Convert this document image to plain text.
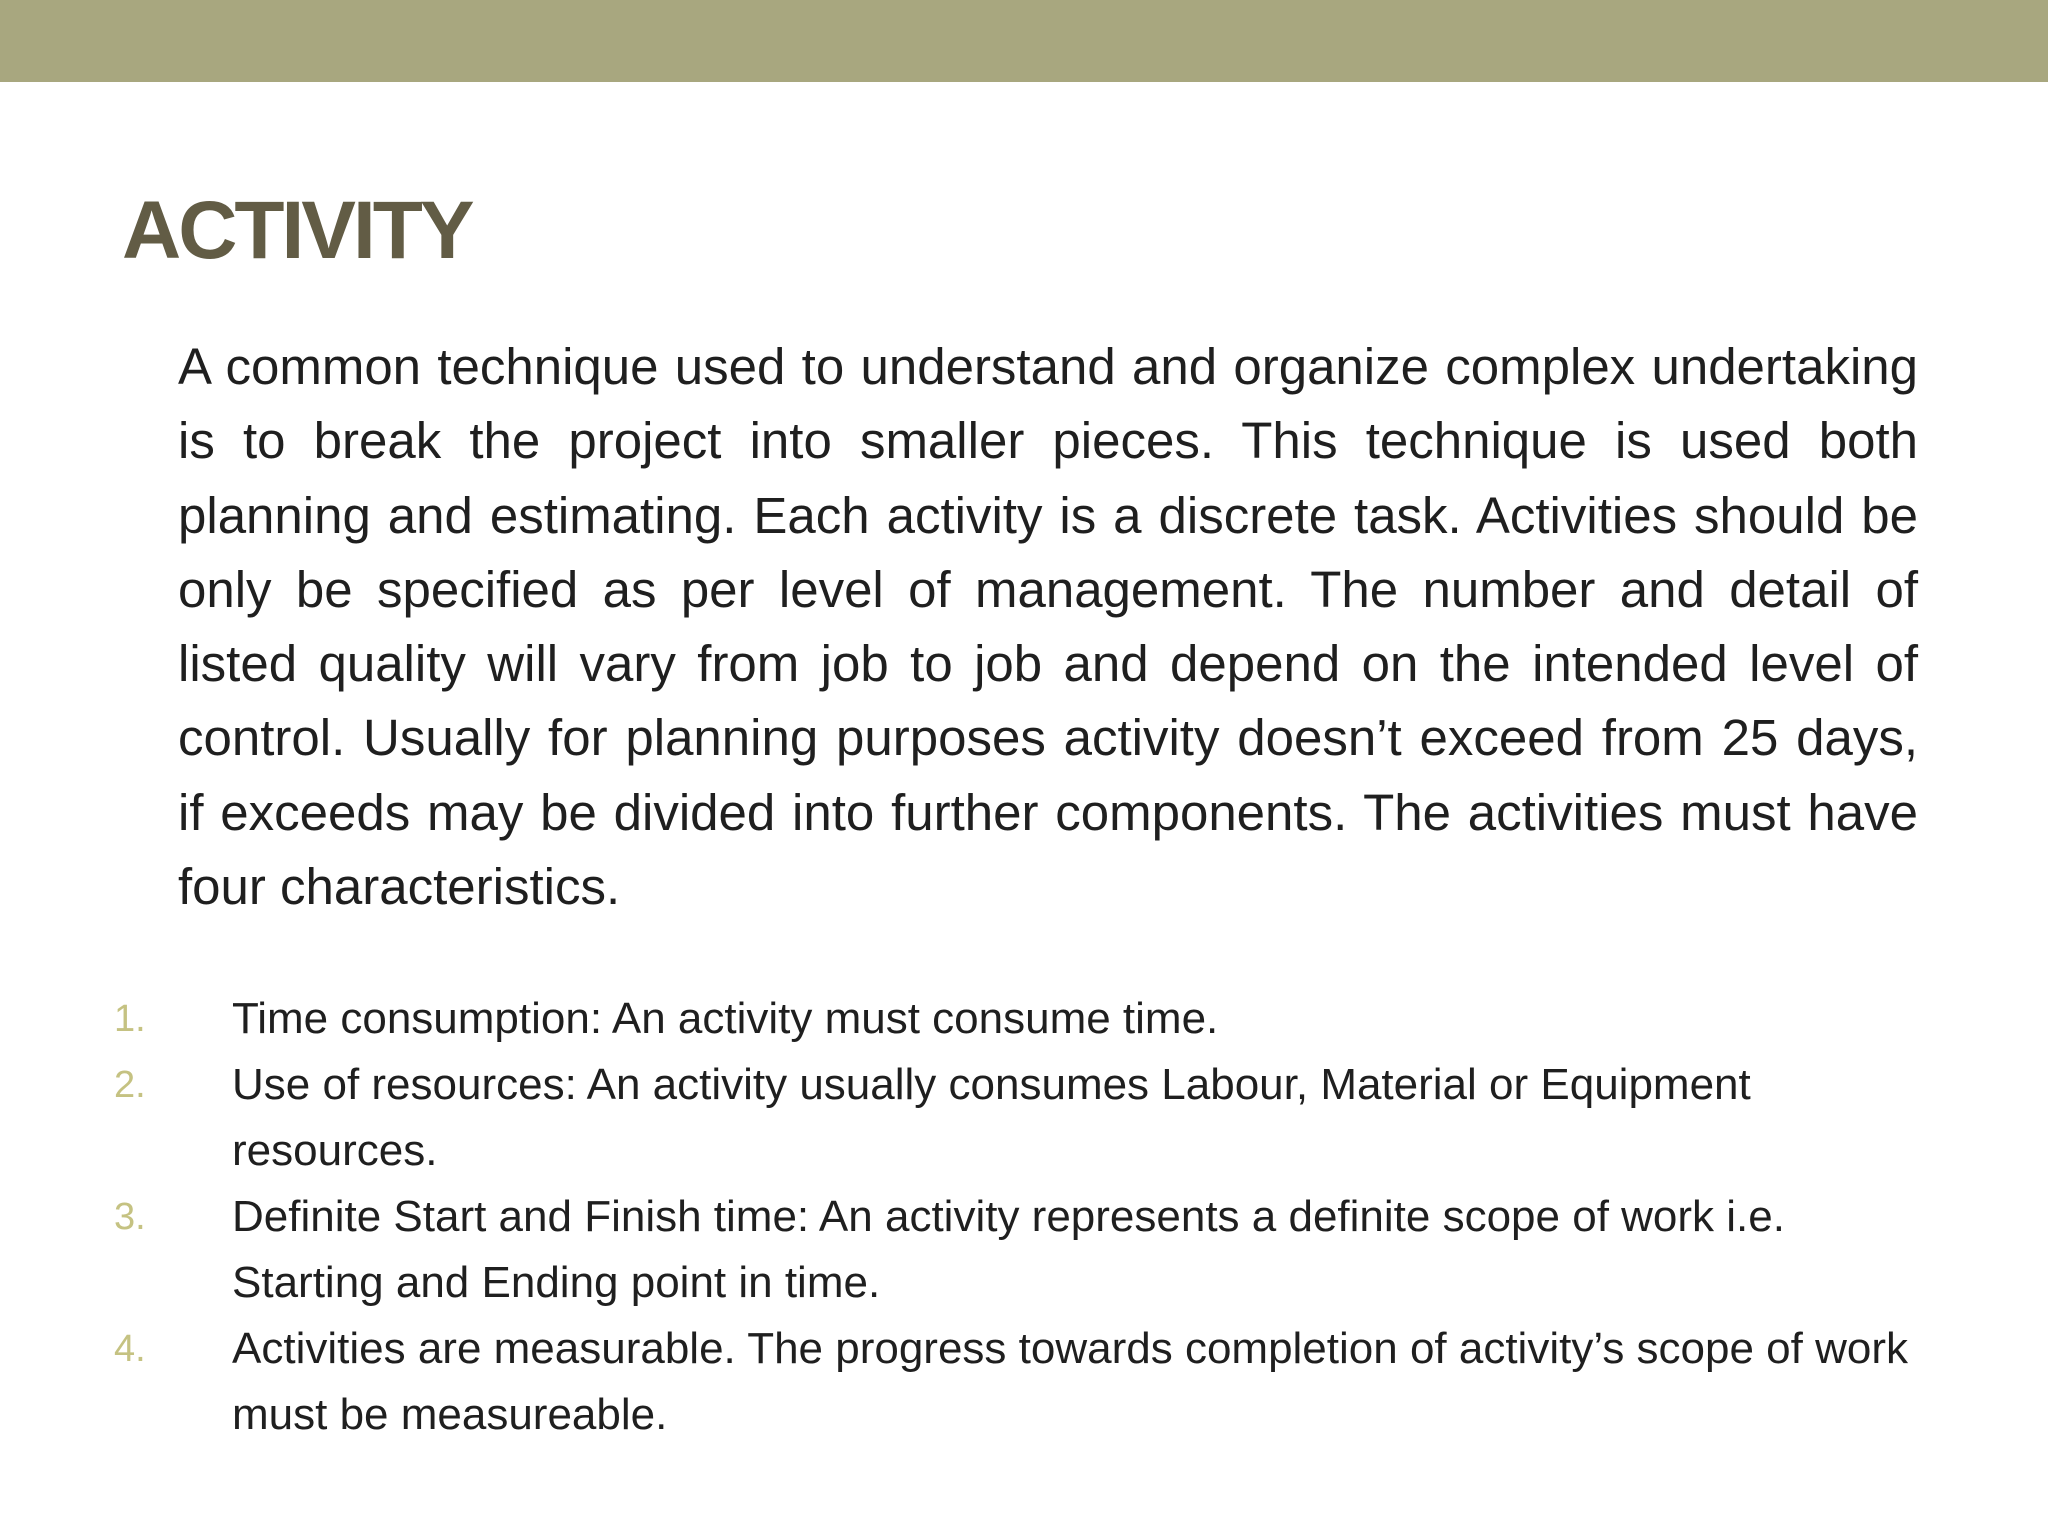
ACTIVITY

A common technique used to understand and organize complex undertaking is to break the project into smaller pieces. This technique is used both planning and estimating. Each activity is a discrete task. Activities should be only be specified as per level of management. The number and detail of listed quality will vary from job to job and depend on the intended level of control. Usually for planning purposes activity doesn’t exceed from 25 days, if exceeds may be divided into further components. The activities must have four characteristics.

1.	Time consumption: An activity must consume time.
2.	Use of resources: An activity usually consumes Labour, Material or Equipment resources.
3.	Definite Start and Finish time: An activity represents a definite scope of work i.e. Starting and Ending point in time.
4.	Activities are measurable. The progress towards completion of activity’s scope of work must be measureable.
